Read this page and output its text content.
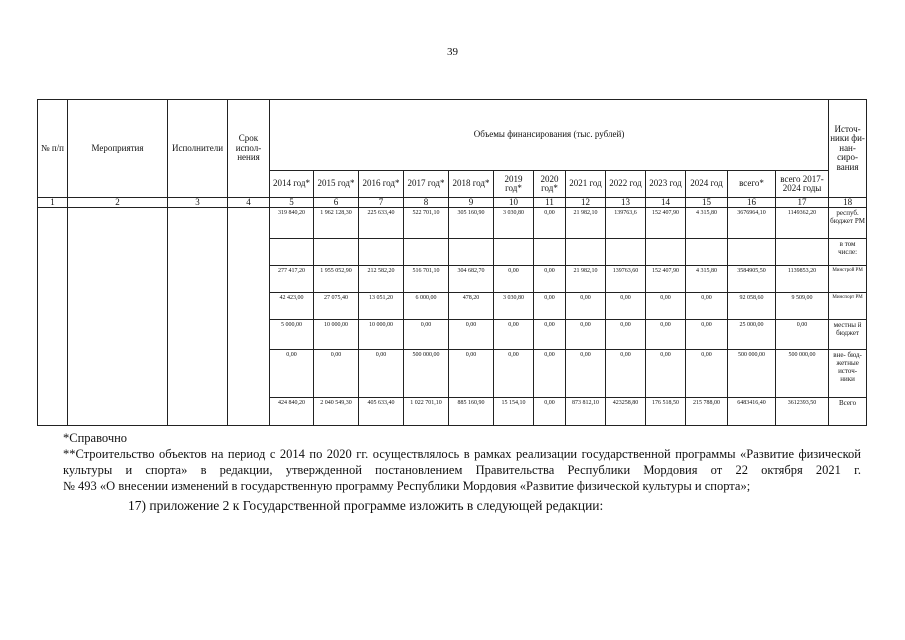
39
№ п/п	Мероприятия	Исполнители	Срок испол- нения	Объемы финансирования (тыс. рублей)													Источ- ники фи- нан- сиро- вания
				2014 год*	2015 год*	2016 год*	2017 год*	2018 год*	2019 год*	2020 год*	2021 год	2022 год	2023 год	2024 год	всего*	всего 2017- 2024 годы	
1	2	3	4	5	6	7	8	9	10	11	12	13	14	15	16	17	18
				319 840,20	1 962 128,30	225 633,40	522 701,10	305 160,90	3 030,80	0,00	21 982,10	139763,6	152 407,90	4 315,80	3676964,10	1149362,20	респуб. бюджет РМ
																	в том числе:
				277 417,20	1 955 052,90	212 582,20	516 701,10	304 682,70	0,00	0,00	21 982,10	139763,60	152 407,90	4 315,80	3584905,50	1139853,20	Минстрой РМ
				42 423,00	27 075,40	13 051,20	6 000,00	478,20	3 030,80	0,00	0,00	0,00	0,00	0,00	92 058,60	9 509,00	Минспорт РМ
				5 000,00	10 000,00	10 000,00	0,00	0,00	0,00	0,00	0,00	0,00	0,00	0,00	25 000,00	0,00	местны й бюджет
				0,00	0,00	0,00	500 000,00	0,00	0,00	0,00	0,00	0,00	0,00	0,00	500 000,00	500 000,00	вне- бюд- жетные источ- ники
				424 840,20	2 040 549,30	405 633,40	1 022 701,10	885 160,90	15 154,10	0,00	873 812,10	423258,80	176 518,50	215 788,00	6483416,40	3612393,50	Всего

*Справочно

**Строительство объектов на период с 2014 по 2020 гг. осуществлялось в рамках реализации государственной программы «Развитие физической

культуры и спорта» в редакции, утвержденной постановлением Правительства Республики Мордовия от 22 октября 2021 г.

№ 493 «О внесении изменений в государственную программу Республики Мордовия «Развитие физической культуры и спорта»;

17) приложение 2 к Государственной программе изложить в следующей редакции:
